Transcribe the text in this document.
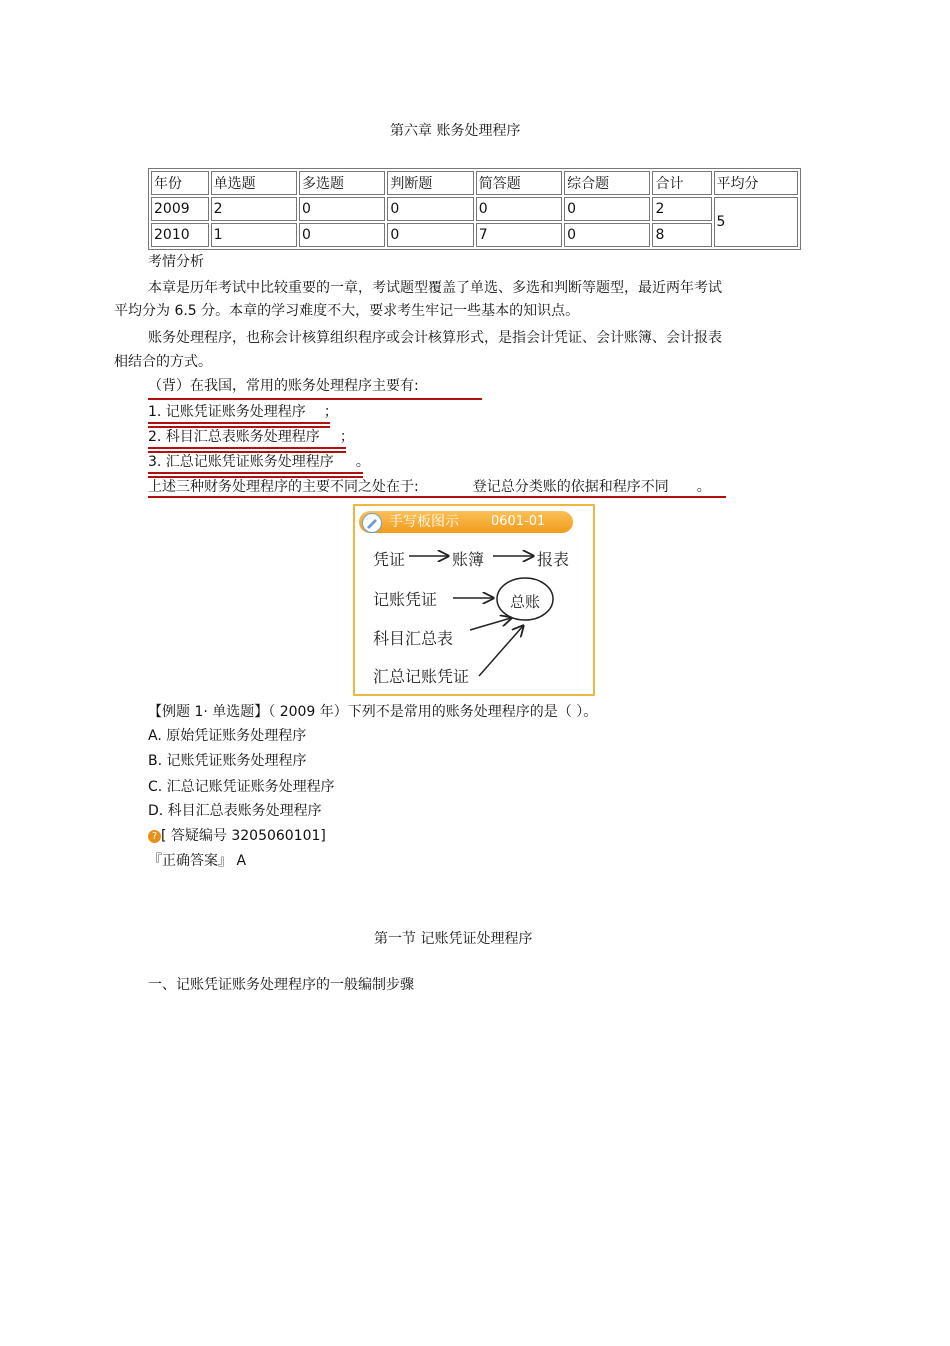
第六章 账务处理程序
年份	单选题	多选题	判断题	简答题	综合题	合计	平均分
2009	2	0	0	0	0	2	5
2010	1	0	0	7	0	8	
考情分析
本章是历年考试中比较重要的一章，考试题型覆盖了单选、多选和判断等题型，最近两年考试
平均分为 6.5 分。本章的学习难度不大，要求考生牢记一些基本的知识点。
账务处理程序，也称会计核算组织程序或会计核算形式，是指会计凭证、会计账簿、会计报表
相结合的方式。
（背）在我国，常用的账务处理程序主要有:
1. 记账凭证账务处理程序 ；
2. 科目汇总表账务处理程序 ；
3. 汇总记账凭证账务处理程序 。
上述三种财务处理程序的主要不同之处在于:	登记总分类账的依据和程序不同 。
手写板图示 0601-01
凭证	账簿	报表
记账凭证
科目汇总表
汇总记账凭证
总账
【例题 1· 单选题】（ 2009 年）下列不是常用的账务处理程序的是（ ）。
A. 原始凭证账务处理程序
B. 记账凭证账务处理程序
C. 汇总记账凭证账务处理程序
D. 科目汇总表账务处理程序
? [ 答疑编号 3205060101]
『正确答案』 A
第一节 记账凭证处理程序
一、记账凭证账务处理程序的一般编制步骤
